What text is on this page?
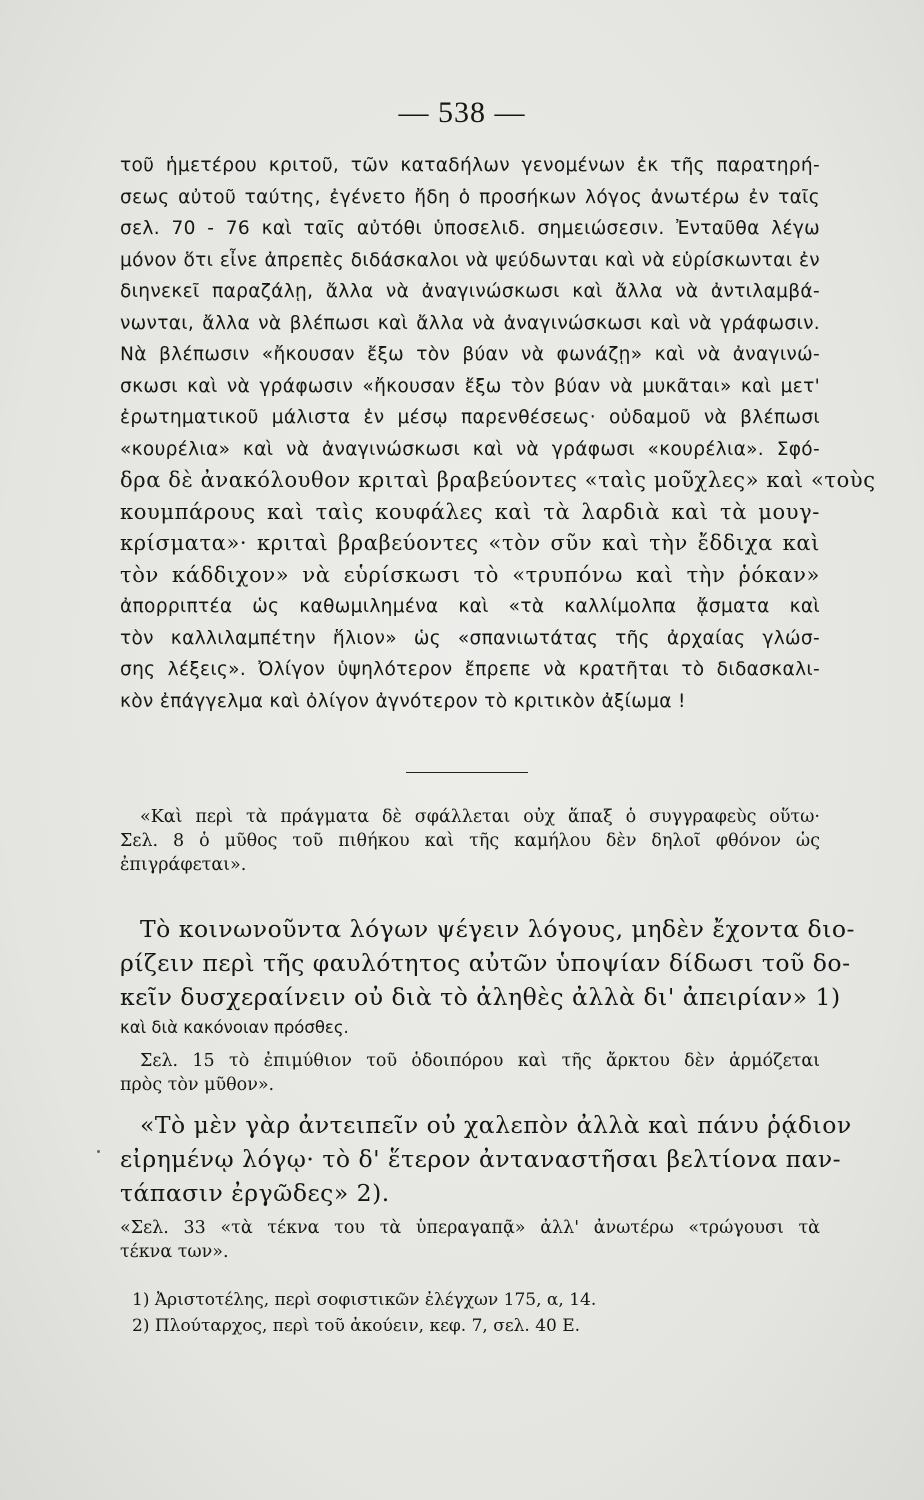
— 538 —
τοῦ ἡμετέρου κριτοῦ, τῶν καταδήλων γενομένων ἐκ τῆς παρατηρή-
σεως αὐτοῦ ταύτης, ἐγένετο ἤδη ὁ προσήκων λόγος ἀνωτέρω ἐν ταῖς
σελ. 70 - 76 καὶ ταῖς αὐτόθι ὑποσελιδ. σημειώσεσιν. Ἐνταῦθα λέγω
μόνον ὅτι εἶνε ἀπρεπὲς διδάσκαλοι νὰ ψεύδωνται καὶ νὰ εὑρίσκωνται ἐν
διηνεκεῖ παραζάλῃ, ἄλλα νὰ ἀναγινώσκωσι καὶ ἄλλα νὰ ἀντιλαμβά-
νωνται, ἄλλα νὰ βλέπωσι καὶ ἄλλα νὰ ἀναγινώσκωσι καὶ νὰ γράφωσιν.
Νὰ βλέπωσιν «ἤκουσαν ἔξω τὸν βύαν νὰ φωνάζῃ» καὶ νὰ ἀναγινώ-
σκωσι καὶ νὰ γράφωσιν «ἤκουσαν ἔξω τὸν βύαν νὰ μυκᾶται» καὶ μετ'
ἐρωτηματικοῦ μάλιστα ἐν μέσῳ παρενθέσεως· οὐδαμοῦ νὰ βλέπωσι
«κουρέλια» καὶ νὰ ἀναγινώσκωσι καὶ νὰ γράφωσι «κουρέλια». Σφό-
δρα δὲ ἀνακόλουθον κριταὶ βραβεύοντες «ταὶς μοῦχλες» καὶ «τοὺς
κουμπάρους καὶ ταὶς κουφάλες καὶ τὰ λαρδιὰ καὶ τὰ μουγ-
κρίσματα»· κριταὶ βραβεύοντες «τὸν σῦν καὶ τὴν ἔδδιχα καὶ
τὸν κάδδιχον» νὰ εὑρίσκωσι τὸ «τρυπόνω καὶ τὴν ῥόκαν»
ἀπορριπτέα ὡς καθωμιλημένα καὶ «τὰ καλλίμολπα ᾄσματα καὶ
τὸν καλλιλαμπέτην ἥλιον» ὡς «σπανιωτάτας τῆς ἀρχαίας γλώσ-
σης λέξεις». Ὀλίγον ὑψηλότερον ἔπρεπε νὰ κρατῆται τὸ διδασκαλι-
κὸν ἐπάγγελμα καὶ ὀλίγον ἀγνότερον τὸ κριτικὸν ἀξίωμα !
«Καὶ περὶ τὰ πράγματα δὲ σφάλλεται οὐχ ἅπαξ ὁ συγγραφεὺς οὕτω·
Σελ. 8 ὁ μῦθος τοῦ πιθήκου καὶ τῆς καμήλου δὲν δηλοῖ φθόνον ὡς
ἐπιγράφεται».
Τὸ κοινωνοῦντα λόγων ψέγειν λόγους, μηδὲν ἔχοντα διο-
ρίζειν περὶ τῆς φαυλότητος αὐτῶν ὑποψίαν δίδωσι τοῦ δο-
κεῖν δυσχεραίνειν οὐ διὰ τὸ ἀληθὲς ἀλλὰ δι' ἀπειρίαν» 1)
καὶ διὰ κακόνοιαν πρόσθες.
Σελ. 15 τὸ ἐπιμύθιον τοῦ ὁδοιπόρου καὶ τῆς ἄρκτου δὲν ἁρμόζεται
πρὸς τὸν μῦθον».
«Τὸ μὲν γὰρ ἀντειπεῖν οὐ χαλεπὸν ἀλλὰ καὶ πάνυ ῥᾴδιον
εἰρημένῳ λόγῳ· τὸ δ' ἕτερον ἀνταναστῆσαι βελτίονα παν-
τάπασιν ἐργῶδες» 2).
«Σελ. 33 «τὰ τέκνα του τὰ ὑπεραγαπᾷ» ἀλλ' ἀνωτέρω «τρώγουσι τὰ
τέκνα των».
1) Ἀριστοτέλης, περὶ σοφιστικῶν ἐλέγχων 175, α, 14.
2) Πλούταρχος, περὶ τοῦ ἀκούειν, κεφ. 7, σελ. 40 Ε.
